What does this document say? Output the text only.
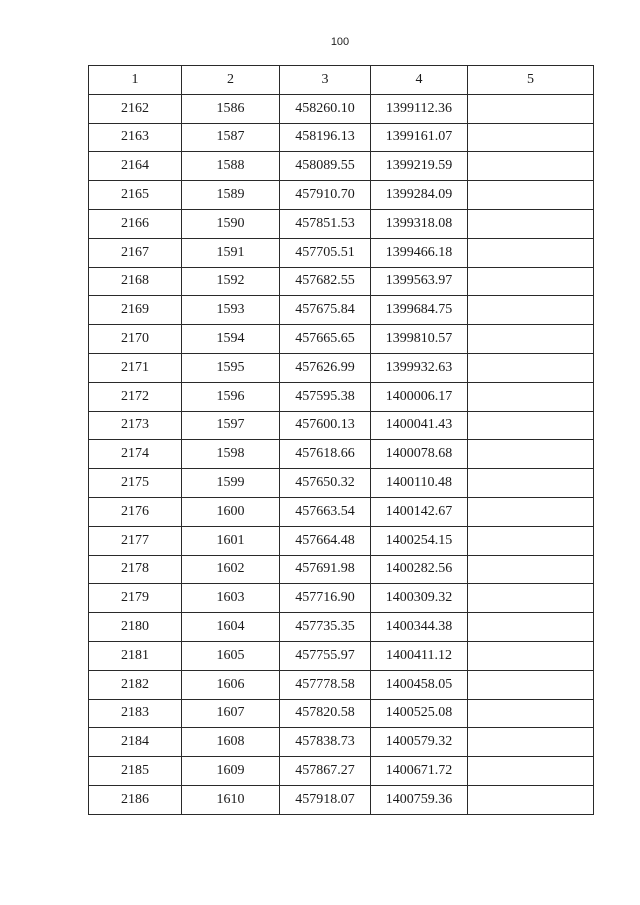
100
1	2	3	4	5
2162	1586	458260.10	1399112.36	
2163	1587	458196.13	1399161.07	
2164	1588	458089.55	1399219.59	
2165	1589	457910.70	1399284.09	
2166	1590	457851.53	1399318.08	
2167	1591	457705.51	1399466.18	
2168	1592	457682.55	1399563.97	
2169	1593	457675.84	1399684.75	
2170	1594	457665.65	1399810.57	
2171	1595	457626.99	1399932.63	
2172	1596	457595.38	1400006.17	
2173	1597	457600.13	1400041.43	
2174	1598	457618.66	1400078.68	
2175	1599	457650.32	1400110.48	
2176	1600	457663.54	1400142.67	
2177	1601	457664.48	1400254.15	
2178	1602	457691.98	1400282.56	
2179	1603	457716.90	1400309.32	
2180	1604	457735.35	1400344.38	
2181	1605	457755.97	1400411.12	
2182	1606	457778.58	1400458.05	
2183	1607	457820.58	1400525.08	
2184	1608	457838.73	1400579.32	
2185	1609	457867.27	1400671.72	
2186	1610	457918.07	1400759.36	
